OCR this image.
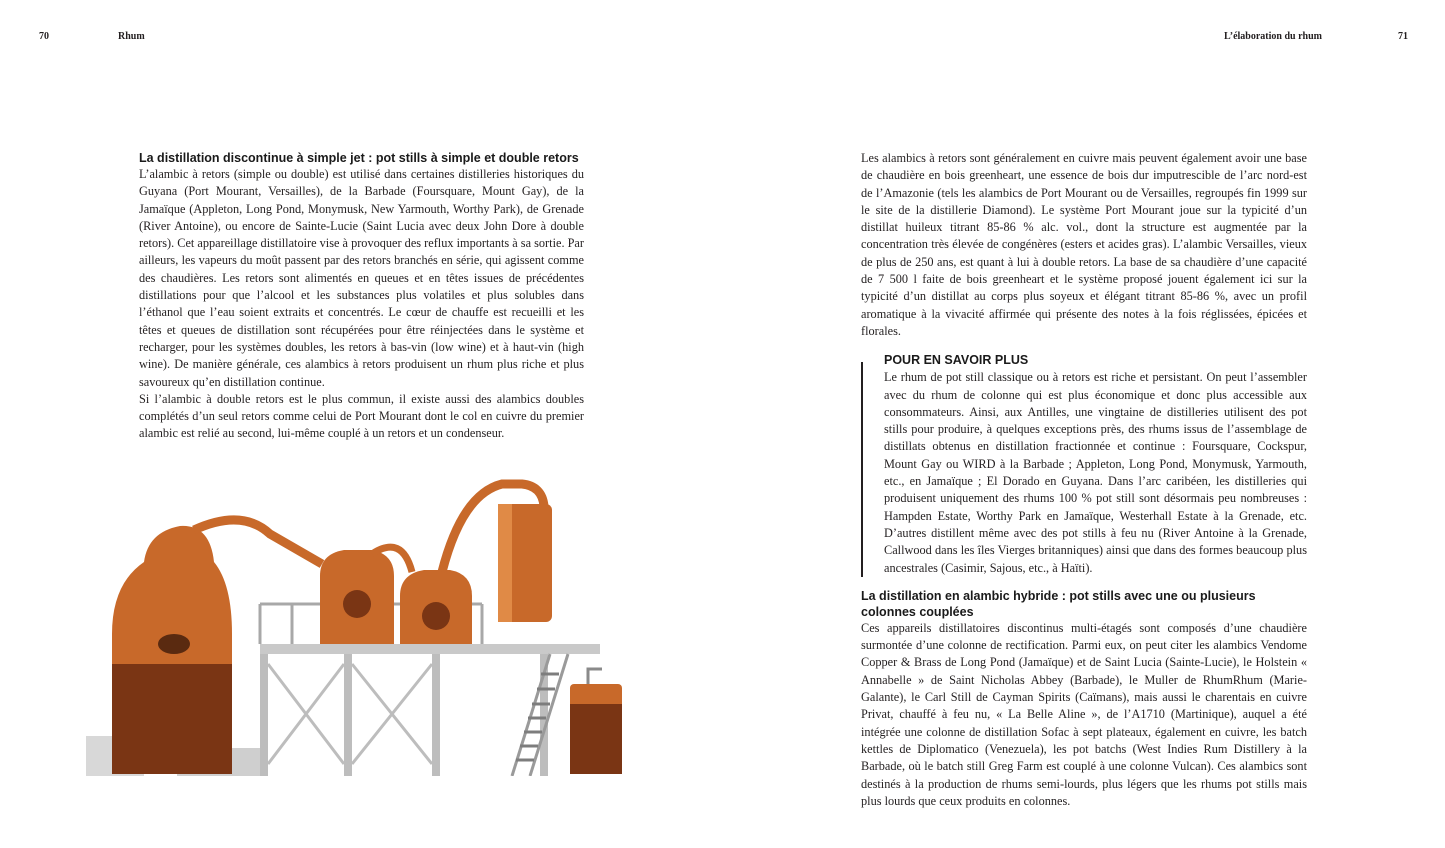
70	Rhum	L’élaboration du rhum	71
La distillation discontinue à simple jet : pot stills à simple et double retors

L’alambic à retors (simple ou double) est utilisé dans certaines distilleries historiques du Guyana (Port Mourant, Versailles), de la Barbade (Foursquare, Mount Gay), de la Jamaïque (Appleton, Long Pond, Monymusk, New Yarmouth, Worthy Park), de Grenade (River Antoine), ou encore de Sainte-Lucie (Saint Lucia avec deux John Dore à double retors). Cet appareillage distillatoire vise à provoquer des reflux importants à sa sortie. Par ailleurs, les vapeurs du moût passent par des retors branchés en série, qui agissent comme des chaudières. Les retors sont alimentés en queues et en têtes issues de précédentes distillations pour que l’alcool et les substances plus volatiles et plus solubles dans l’éthanol que l’eau soient extraits et concentrés. Le cœur de chauffe est recueilli et les têtes et queues de distillation sont récupérées pour être réinjectées dans le système et recharger, pour les systèmes doubles, les retors à bas-vin (low wine) et à haut-vin (high wine). De manière générale, ces alambics à retors produisent un rhum plus riche et plus savoureux qu’en distillation continue.

Si l’alambic à double retors est le plus commun, il existe aussi des alambics doubles complétés d’un seul retors comme celui de Port Mourant dont le col en cuivre du premier alambic est relié au second, lui-même couplé à un retors et un condenseur.

Les alambics à retors sont généralement en cuivre mais peuvent également avoir une base de chaudière en bois greenheart, une essence de bois dur imputrescible de l’arc nord-est de l’Amazonie (tels les alambics de Port Mourant ou de Versailles, regroupés fin 1999 sur le site de la distillerie Diamond). Le système Port Mourant joue sur la typicité d’un distillat huileux titrant 85-86 % alc. vol., dont la structure est augmentée par la concentration très élevée de congénères (esters et acides gras). L’alambic Versailles, vieux de plus de 250 ans, est quant à lui à double retors. La base de sa chaudière d’une capacité de 7 500 l faite de bois greenheart et le système proposé jouent également ici sur la typicité d’un distillat au corps plus soyeux et élégant titrant 85-86 %, avec un profil aromatique à la vivacité affirmée qui présente des notes à la fois réglissées, épicées et florales.

POUR EN SAVOIR PLUS

Le rhum de pot still classique ou à retors est riche et persistant. On peut l’assembler avec du rhum de colonne qui est plus économique et donc plus accessible aux consommateurs. Ainsi, aux Antilles, une vingtaine de distilleries utilisent des pot stills pour produire, à quelques exceptions près, des rhums issus de l’assemblage de distillats obtenus en distillation fractionnée et continue : Foursquare, Cockspur, Mount Gay ou WIRD à la Barbade ; Appleton, Long Pond, Monymusk, Yarmouth, etc., en Jamaïque ; El Dorado en Guyana. Dans l’arc caribéen, les distilleries qui produisent uniquement des rhums 100 % pot still sont désormais peu nombreuses : Hampden Estate, Worthy Park en Jamaïque, Westerhall Estate à la Grenade, etc. D’autres distillent même avec des pot stills à feu nu (River Antoine à la Grenade, Callwood dans les îles Vierges britanniques) ainsi que dans des formes beaucoup plus ancestrales (Casimir, Sajous, etc., à Haïti).

La distillation en alambic hybride : pot stills avec une ou plusieurs colonnes couplées

Ces appareils distillatoires discontinus multi-étagés sont composés d’une chaudière surmontée d’une colonne de rectification. Parmi eux, on peut citer les alambics Vendome Copper & Brass de Long Pond (Jamaïque) et de Saint Lucia (Sainte-Lucie), le Holstein « Annabelle » de Saint Nicholas Abbey (Barbade), le Muller de RhumRhum (Marie-Galante), le Carl Still de Cayman Spirits (Caïmans), mais aussi le charentais en cuivre Privat, chauffé à feu nu, « La Belle Aline », de l’A1710 (Martinique), auquel a été intégrée une colonne de distillation Sofac à sept plateaux, également en cuivre, les batch kettles de Diplomatico (Venezuela), les pot batchs (West Indies Rum Distillery à la Barbade, où le batch still Greg Farm est couplé à une colonne Vulcan). Ces alambics sont destinés à la production de rhums semi-lourds, plus légers que les rhums pot stills mais plus lourds que ceux produits en colonnes.
